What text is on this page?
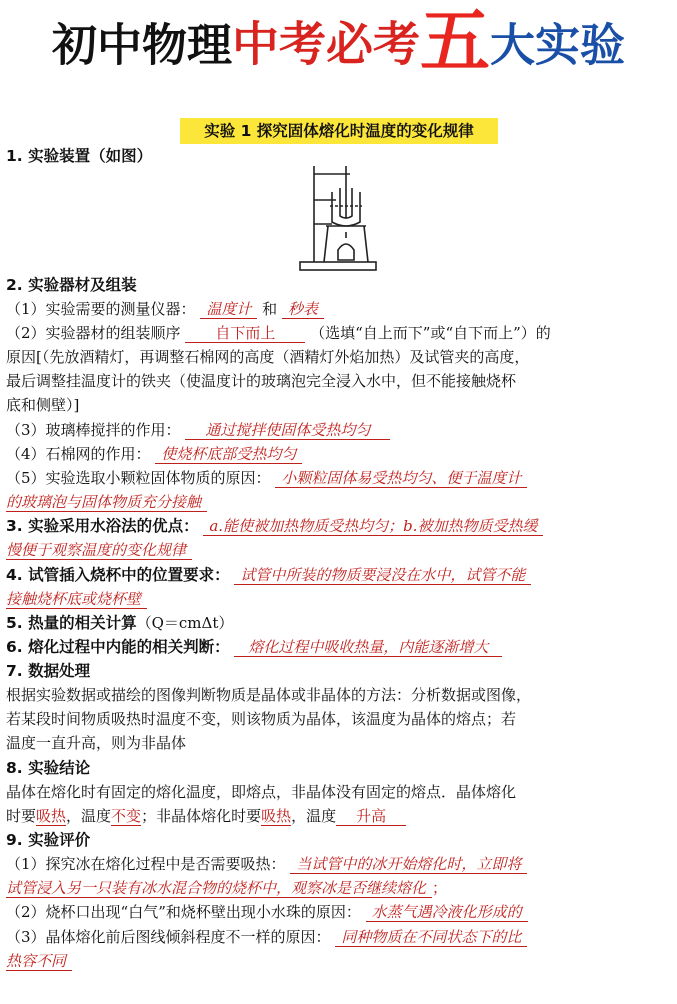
初中物理中考必考五大实验
实验 1 探究固体熔化时温度的变化规律
1. 实验装置（如图）
2. 实验器材及组装
（1）实验需要的测量仪器： 温度计 和 秒表
（2）实验器材的组装顺序 自下而上 （选填“自上而下”或“自下而上”）的
原因[（先放酒精灯，再调整石棉网的高度（酒精灯外焰加热）及试管夹的高度，
最后调整挂温度计的铁夹（使温度计的玻璃泡完全浸入水中，但不能接触烧杯
底和侧壁）]
（3）玻璃棒搅拌的作用： 通过搅拌使固体受热均匀
（4）石棉网的作用： 使烧杯底部受热均匀
（5）实验选取小颗粒固体物质的原因： 小颗粒固体易受热均匀、便于温度计
的玻璃泡与固体物质充分接触
3. 实验采用水浴法的优点： a.能使被加热物质受热均匀；b.被加热物质受热缓
慢便于观察温度的变化规律
4. 试管插入烧杯中的位置要求： 试管中所装的物质要浸没在水中，试管不能
接触烧杯底或烧杯壁
5. 热量的相关计算（Q＝cmΔt）
6. 熔化过程中内能的相关判断： 熔化过程中吸收热量，内能逐渐增大
7. 数据处理
根据实验数据或描绘的图像判断物质是晶体或非晶体的方法：分析数据或图像，
若某段时间物质吸热时温度不变，则该物质为晶体，该温度为晶体的熔点；若
温度一直升高，则为非晶体
8. 实验结论
晶体在熔化时有固定的熔化温度，即熔点，非晶体没有固定的熔点．晶体熔化
时要吸热，温度不变；非晶体熔化时要吸热，温度 升高
9. 实验评价
（1）探究冰在熔化过程中是否需要吸热： 当试管中的冰开始熔化时，立即将
试管浸入另一只装有冰水混合物的烧杯中，观察冰是否继续熔化 ；
（2）烧杯口出现“白气”和烧杯壁出现小水珠的原因： 水蒸气遇冷液化形成的
（3）晶体熔化前后图线倾斜程度不一样的原因： 同种物质在不同状态下的比
热容不同
